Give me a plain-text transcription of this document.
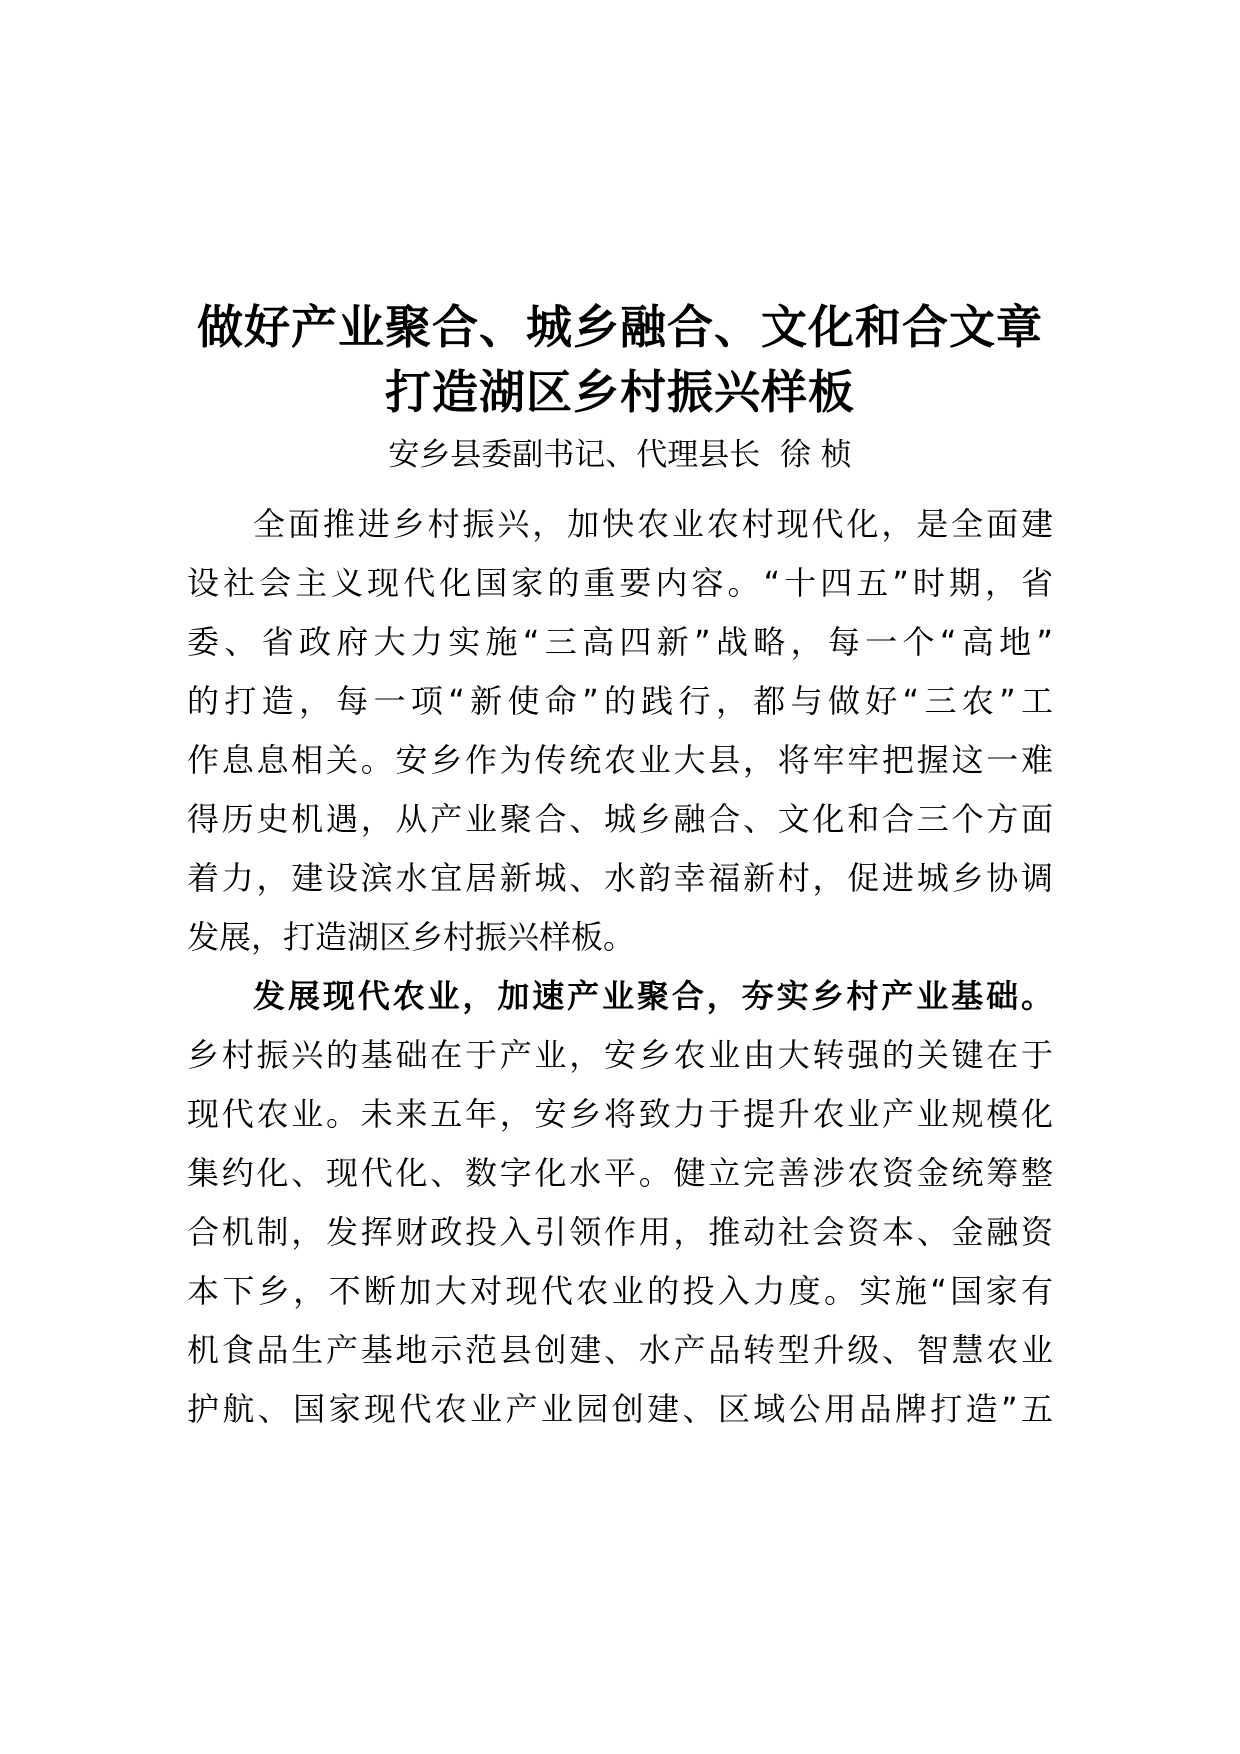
做好产业聚合、城乡融合、文化和合文章
打造湖区乡村振兴样板
安乡县委副书记、代理县长  徐 桢
全面推进乡村振兴，加快农业农村现代化，是全面建
设社会主义现代化国家的重要内容。“十四五”时期，省
委、省政府大力实施“三高四新”战略，每一个“高地”
的打造，每一项“新使命”的践行，都与做好“三农”工
作息息相关。安乡作为传统农业大县，将牢牢把握这一难
得历史机遇，从产业聚合、城乡融合、文化和合三个方面
着力，建设滨水宜居新城、水韵幸福新村，促进城乡协调
发展，打造湖区乡村振兴样板。
发展现代农业，加速产业聚合，夯实乡村产业基础。
乡村振兴的基础在于产业，安乡农业由大转强的关键在于
现代农业。未来五年，安乡将致力于提升农业产业规模化
集约化、现代化、数字化水平。健立完善涉农资金统筹整
合机制，发挥财政投入引领作用，推动社会资本、金融资
本下乡，不断加大对现代农业的投入力度。实施“国家有
机食品生产基地示范县创建、水产品转型升级、智慧农业
护航、国家现代农业产业园创建、区域公用品牌打造”五
